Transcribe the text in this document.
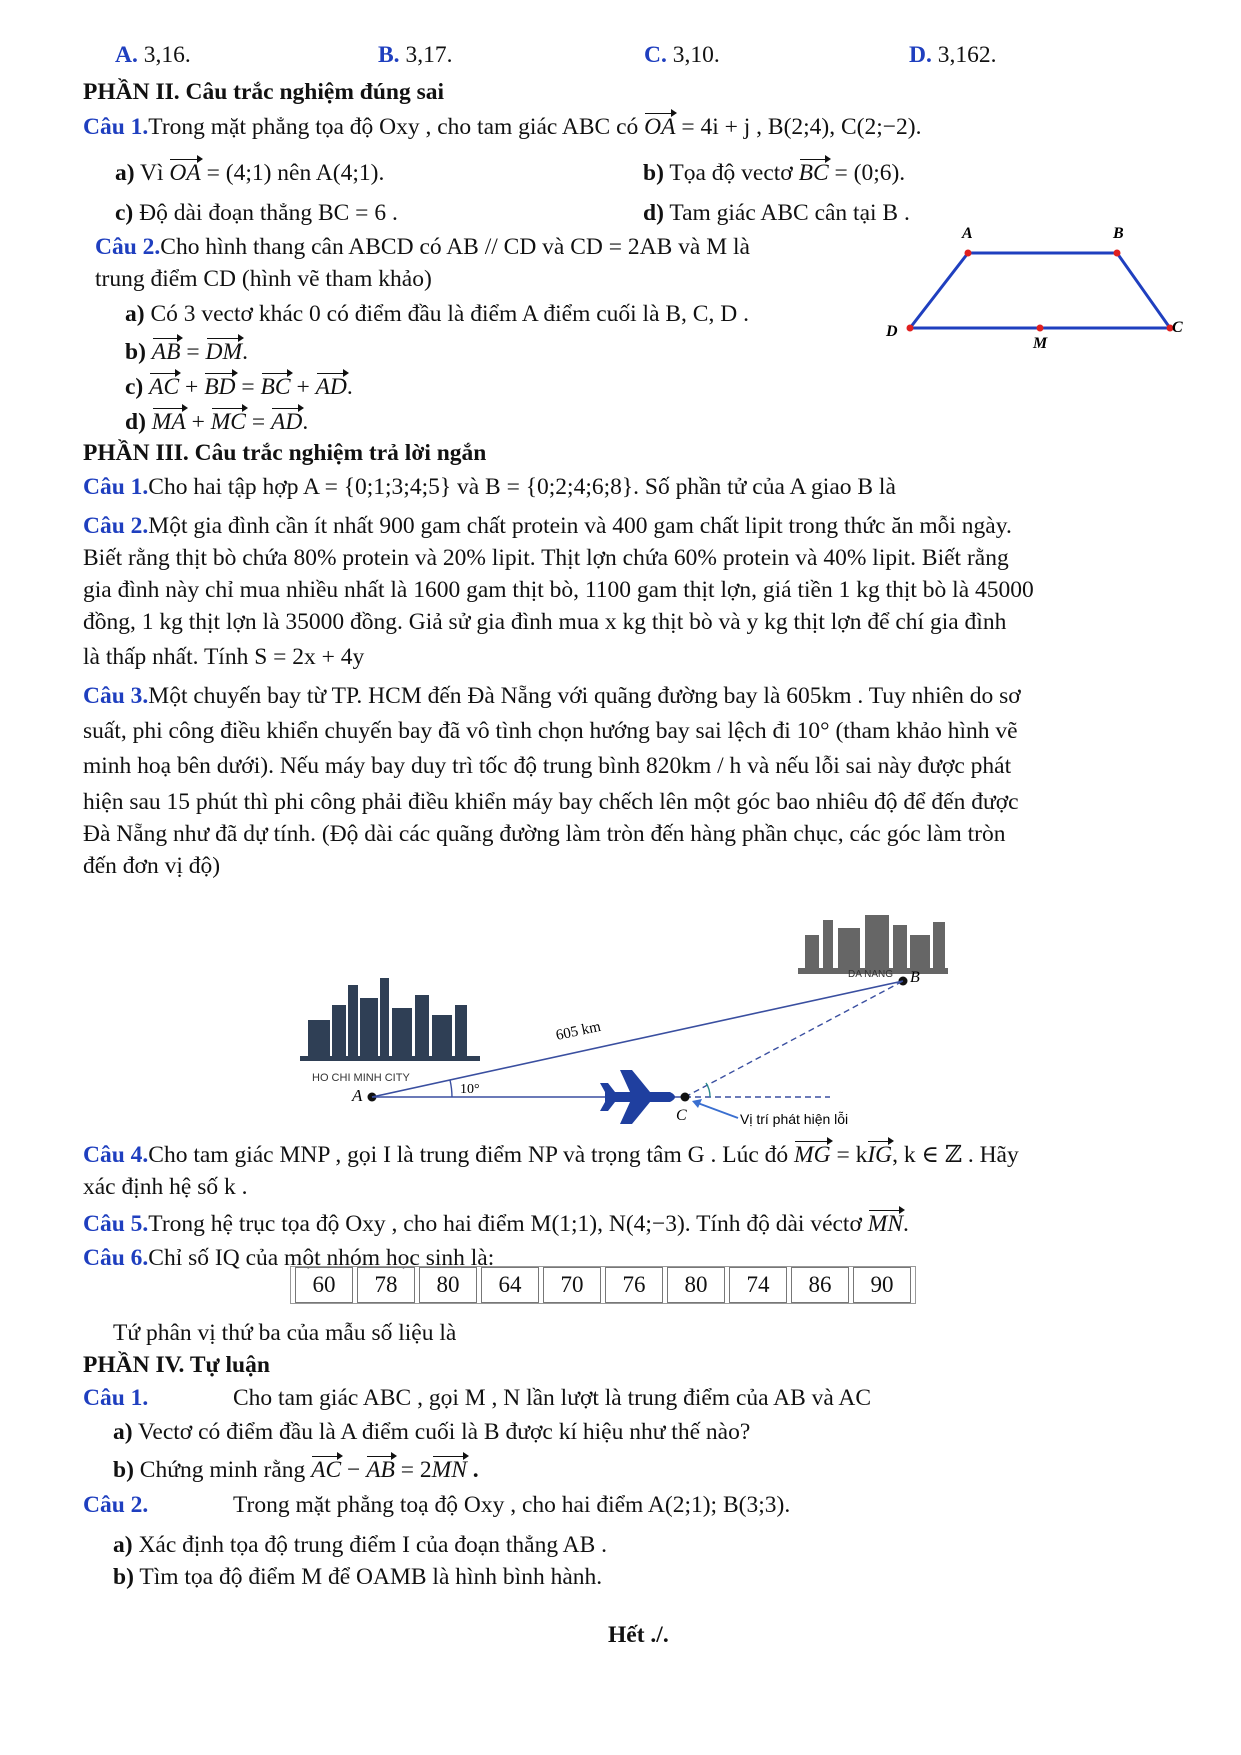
A. 3,16.	B. 3,17.	C. 3,10.	D. 3,162.
PHẦN II. Câu trắc nghiệm đúng sai
Câu 1.Trong mặt phẳng tọa độ Oxy , cho tam giác ABC có OA = 4i + j , B(2;4), C(2;−2).
a) Vì OA = (4;1) nên A(4;1).	b) Tọa độ vectơ BC = (0;6).
c) Độ dài đoạn thẳng BC = 6 .	d) Tam giác ABC cân tại B .
Câu 2.Cho hình thang cân ABCD có AB // CD và CD = 2AB và M là
trung điểm CD (hình vẽ tham khảo)
a) Có 3 vectơ khác 0 có điểm đầu là điểm A điểm cuối là B, C, D .
b) AB = DM.
c) AC + BD = BC + AD.
d) MA + MC = AD.
A	B
C
D
M
PHẦN III. Câu trắc nghiệm trả lời ngắn
Câu 1.Cho hai tập hợp A = {0;1;3;4;5} và B = {0;2;4;6;8}. Số phần tử của A giao B là
Câu 2.Một gia đình cần ít nhất 900 gam chất protein và 400 gam chất lipit trong thức ăn mỗi ngày.
Biết rằng thịt bò chứa 80% protein và 20% lipit. Thịt lợn chứa 60% protein và 40% lipit. Biết rằng
gia đình này chỉ mua nhiều nhất là 1600 gam thịt bò, 1100 gam thịt lợn, giá tiền 1 kg thịt bò là 45000
đồng, 1 kg thịt lợn là 35000 đồng. Giả sử gia đình mua x kg thịt bò và y kg thịt lợn để chí gia đình
là thấp nhất. Tính S = 2x + 4y
Câu 3.Một chuyến bay từ TP. HCM đến Đà Nẵng với quãng đường bay là 605km . Tuy nhiên do sơ
suất, phi công điều khiển chuyến bay đã vô tình chọn hướng bay sai lệch đi 10° (tham khảo hình vẽ
minh hoạ bên dưới). Nếu máy bay duy trì tốc độ trung bình 820km / h và nếu lỗi sai này được phát
hiện sau 15 phút thì phi công phải điều khiển máy bay chếch lên một góc bao nhiêu độ để đến được
Đà Nẵng như đã dự tính. (Độ dài các quãng đường làm tròn đến hàng phần chục, các góc làm tròn
đến đơn vị độ)
DA NANG B
HO CHI MINH CITY
A	10°
605 km
C	Vị trí phát hiện lỗi
Câu 4.Cho tam giác MNP , gọi I là trung điểm NP và trọng tâm G . Lúc đó MG = kIG, k ∈ ℤ . Hãy
xác định hệ số k .
Câu 5.Trong hệ trục tọa độ Oxy , cho hai điểm M(1;1), N(4;−3). Tính độ dài véctơ MN.
Câu 6.Chỉ số IQ của một nhóm học sinh là:
60	78	80	64	70	76	80	74	86	90
Tứ phân vị thứ ba của mẫu số liệu là
PHẦN IV. Tự luận
Câu 1.	Cho tam giác ABC , gọi M , N lần lượt là trung điểm của AB và AC
a) Vectơ có điểm đầu là A điểm cuối là B được kí hiệu như thế nào?
b) Chứng minh rằng AC − AB = 2MN .
Câu 2.	Trong mặt phẳng toạ độ Oxy , cho hai điểm A(2;1); B(3;3).
a) Xác định tọa độ trung điểm I của đoạn thẳng AB .
b) Tìm tọa độ điểm M để OAMB là hình bình hành.
Hết ./.
